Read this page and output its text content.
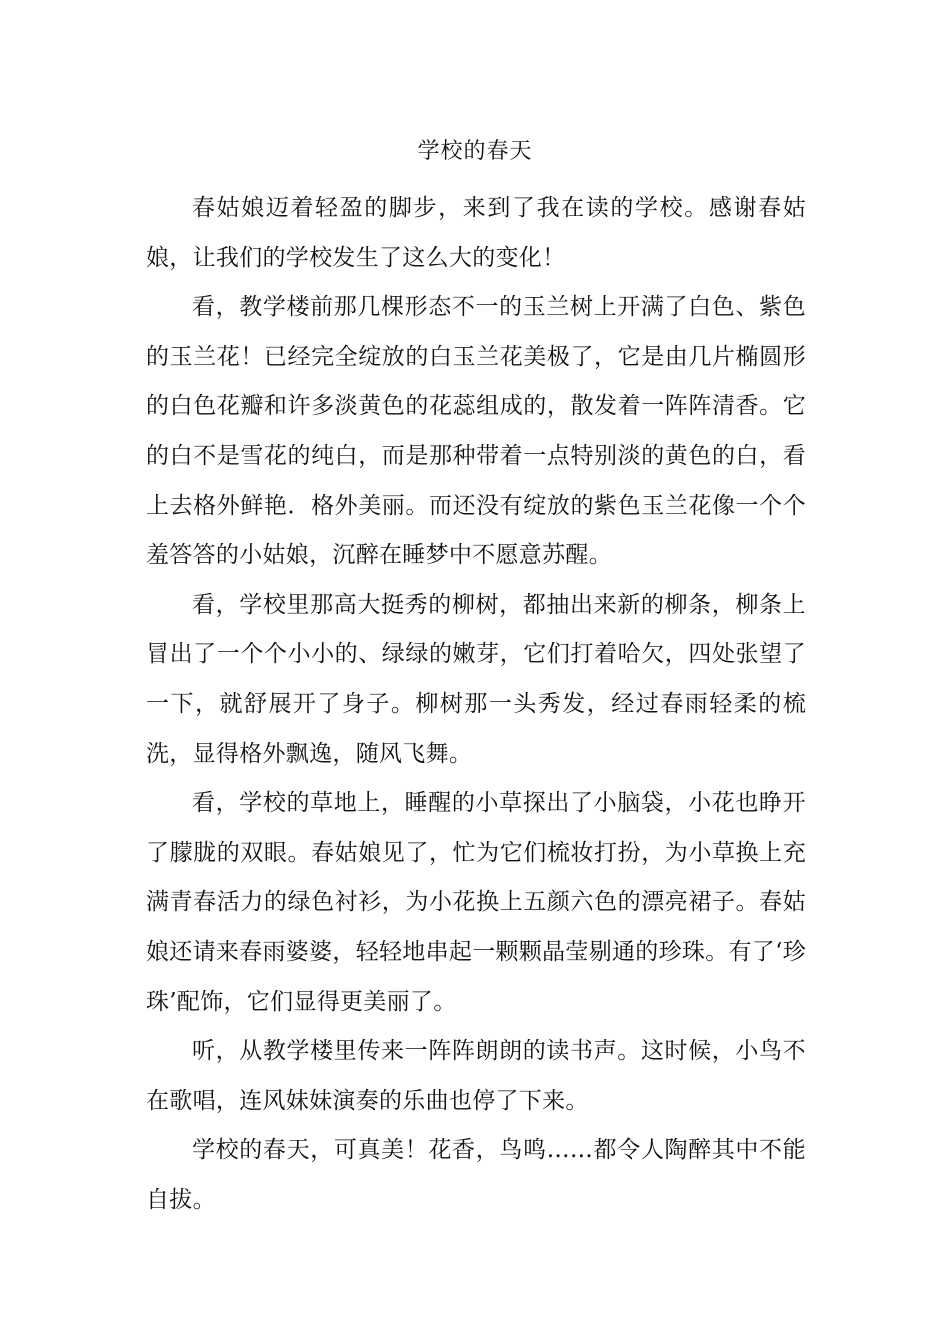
学校的春天

春姑娘迈着轻盈的脚步，来到了我在读的学校。感谢春姑娘，让我们的学校发生了这么大的变化！

看，教学楼前那几棵形态不一的玉兰树上开满了白色、紫色的玉兰花！已经完全绽放的白玉兰花美极了，它是由几片椭圆形的白色花瓣和许多淡黄色的花蕊组成的，散发着一阵阵清香。它的白不是雪花的纯白，而是那种带着一点特别淡的黄色的白，看上去格外鲜艳．格外美丽。而还没有绽放的紫色玉兰花像一个个羞答答的小姑娘，沉醉在睡梦中不愿意苏醒。

看，学校里那高大挺秀的柳树，都抽出来新的柳条，柳条上冒出了一个个小小的、绿绿的嫩芽，它们打着哈欠，四处张望了一下，就舒展开了身子。柳树那一头秀发，经过春雨轻柔的梳洗，显得格外飘逸，随风飞舞。

看，学校的草地上，睡醒的小草探出了小脑袋，小花也睁开了朦胧的双眼。春姑娘见了，忙为它们梳妆打扮，为小草换上充满青春活力的绿色衬衫，为小花换上五颜六色的漂亮裙子。春姑娘还请来春雨婆婆，轻轻地串起一颗颗晶莹剔通的珍珠。有了‘珍珠’配饰，它们显得更美丽了。

听，从教学楼里传来一阵阵朗朗的读书声。这时候，小鸟不在歌唱，连风妹妹演奏的乐曲也停了下来。

学校的春天，可真美！花香，鸟鸣……都令人陶醉其中不能自拔。
